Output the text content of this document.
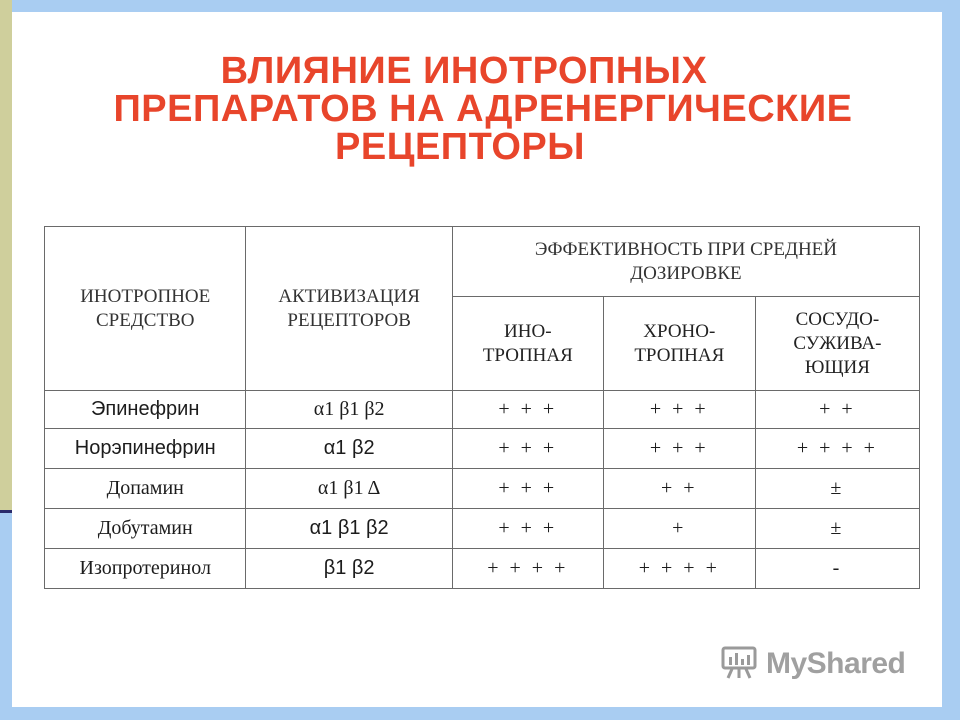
ВЛИЯНИЕ ИНОТРОПНЫХ
ПРЕПАРАТОВ НА АДРЕНЕРГИЧЕСКИЕ
РЕЦЕПТОРЫ
ИНОТРОПНОЕ СРЕДСТВО	АКТИВИЗАЦИЯ РЕЦЕПТОРОВ	ЭФФЕКТИВНОСТЬ ПРИ СРЕДНЕЙ ДОЗИРОВКЕ		
		ИНО-ТРОПНАЯ	ХРОНО-ТРОПНАЯ	СОСУДО-СУЖИВА-ЮЩИЯ
Эпинефрин	α1 β1 β2	+ + +	+ + +	+ +
Норэпинефрин	α1 β2	+ + +	+ + +	+ + + +
Допамин	α1 β1 Δ	+ + +	+ +	±
Добутамин	α1 β1 β2	+ + +	+	±
Изопротеринол	β1 β2	+ + + +	+ + + +	-
MyShared
